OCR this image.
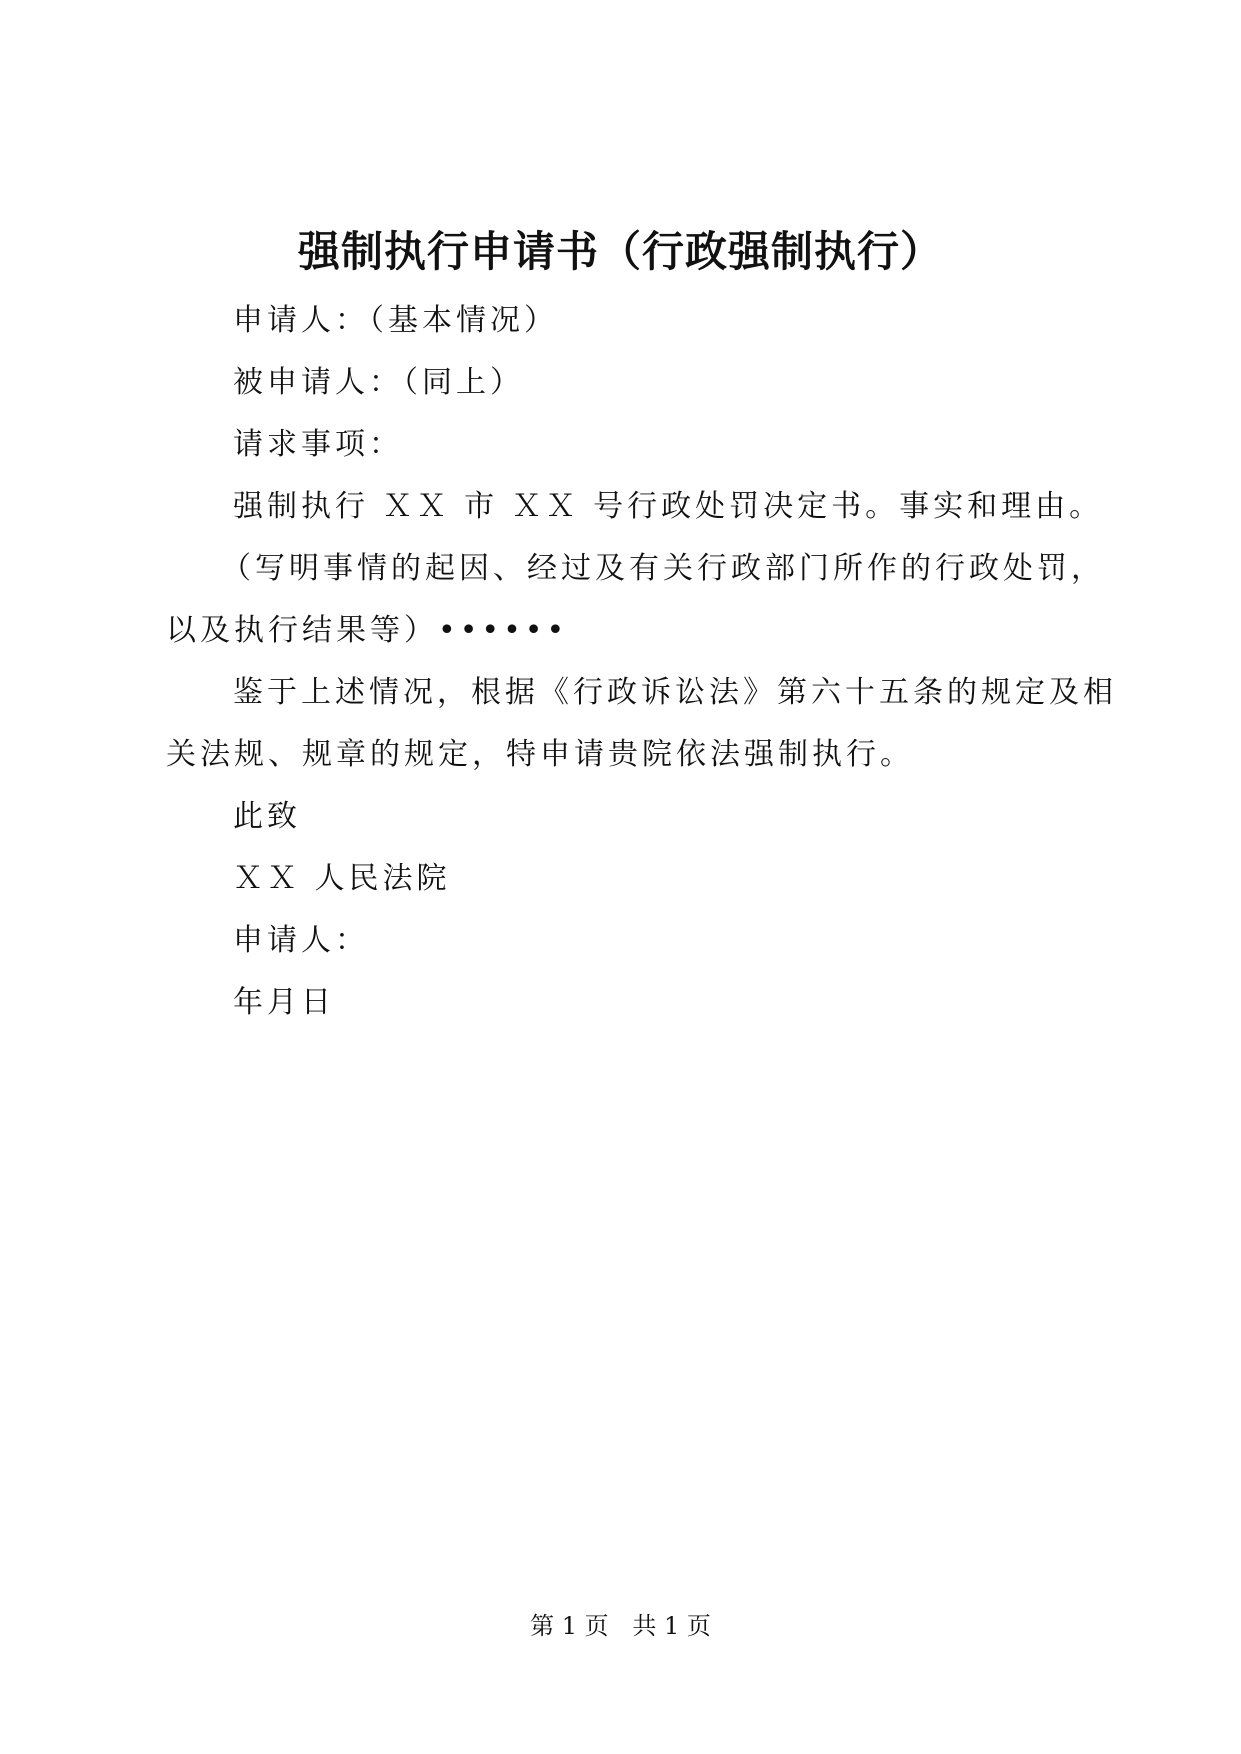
强制执行申请书（行政强制执行）
申请人：（基本情况）
被申请人：（同上）
请求事项：
强制执行 ＸＸ 市 ＸＸ 号行政处罚决定书。事实和理由。
（写明事情的起因、经过及有关行政部门所作的行政处罚，
以及执行结果等）••••••
鉴于上述情况，根据《行政诉讼法》第六十五条的规定及相
关法规、规章的规定，特申请贵院依法强制执行。
此致
ＸＸ 人民法院
申请人：
年月日
第 1 页 共 1 页
